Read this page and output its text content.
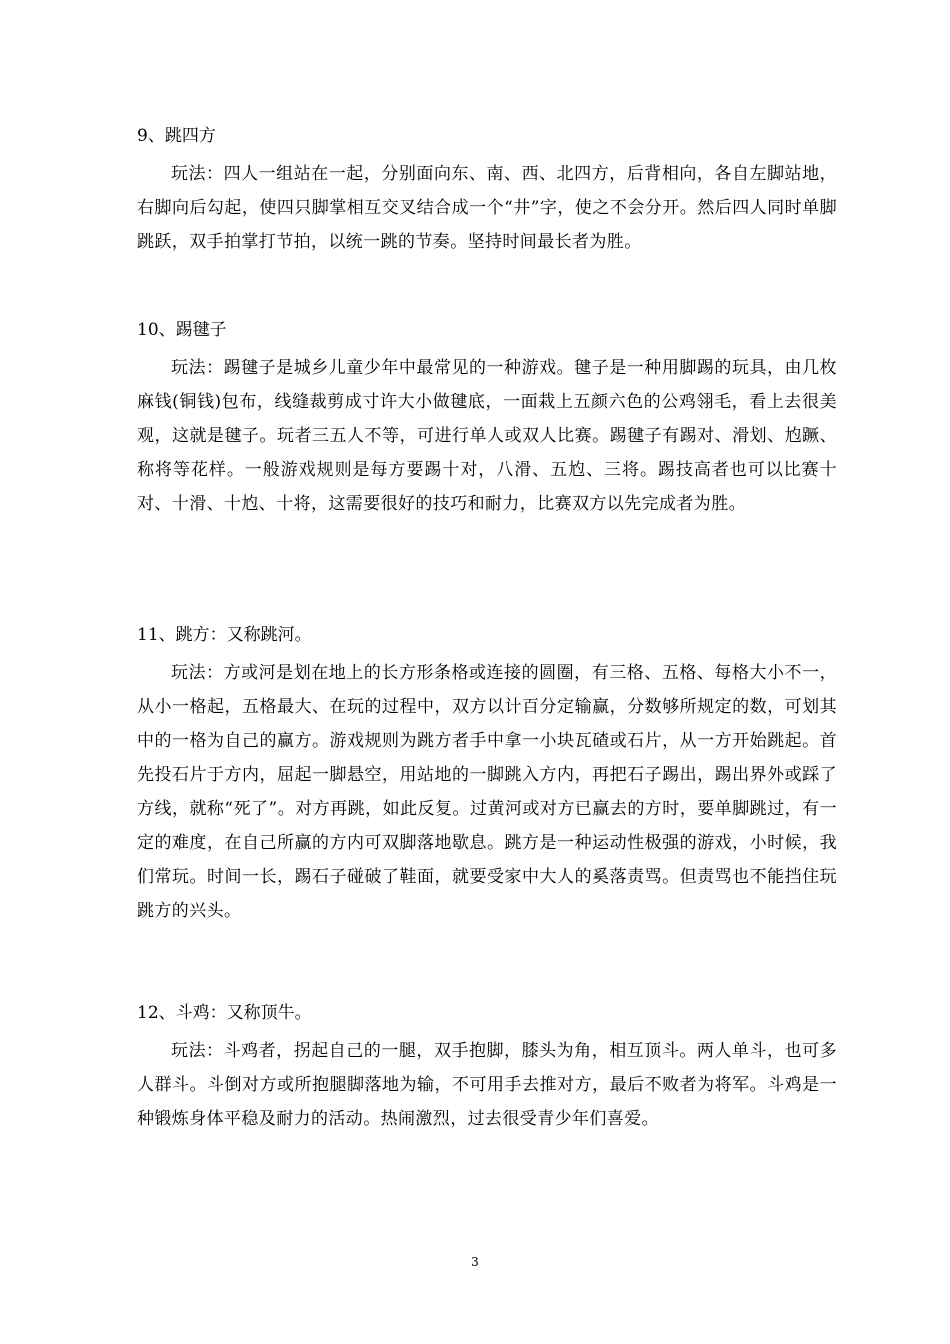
9、跳四方
玩法：四人一组站在一起，分别面向东、南、西、北四方，后背相向，各自左脚站地，右脚向后勾起，使四只脚掌相互交叉结合成一个“井”字，使之不会分开。然后四人同时单脚跳跃，双手拍掌打节拍，以统一跳的节奏。坚持时间最长者为胜。
10、踢毽子
玩法：踢毽子是城乡儿童少年中最常见的一种游戏。毽子是一种用脚踢的玩具，由几枚麻钱(铜钱)包布，线缝裁剪成寸许大小做毽底，一面栽上五颜六色的公鸡翎毛，看上去很美观，这就是毽子。玩者三五人不等，可进行单人或双人比赛。踢毽子有踢对、滑划、尥蹶、称将等花样。一般游戏规则是每方要踢十对，八滑、五尥、三将。踢技高者也可以比赛十对、十滑、十尥、十将，这需要很好的技巧和耐力，比赛双方以先完成者为胜。
11、跳方：又称跳河。
玩法：方或河是划在地上的长方形条格或连接的圆圈，有三格、五格、每格大小不一，从小一格起，五格最大、在玩的过程中，双方以计百分定输赢，分数够所规定的数，可划其中的一格为自己的赢方。游戏规则为跳方者手中拿一小块瓦碴或石片，从一方开始跳起。首先投石片于方内，屈起一脚悬空，用站地的一脚跳入方内，再把石子踢出，踢出界外或踩了方线，就称“死了”。对方再跳，如此反复。过黄河或对方已赢去的方时，要单脚跳过，有一定的难度，在自己所赢的方内可双脚落地歇息。跳方是一种运动性极强的游戏，小时候，我们常玩。时间一长，踢石子碰破了鞋面，就要受家中大人的奚落责骂。但责骂也不能挡住玩跳方的兴头。
12、斗鸡：又称顶牛。
玩法：斗鸡者，拐起自己的一腿，双手抱脚，膝头为角，相互顶斗。两人单斗，也可多人群斗。斗倒对方或所抱腿脚落地为输，不可用手去推对方，最后不败者为将军。斗鸡是一种锻炼身体平稳及耐力的活动。热闹激烈，过去很受青少年们喜爱。
3
